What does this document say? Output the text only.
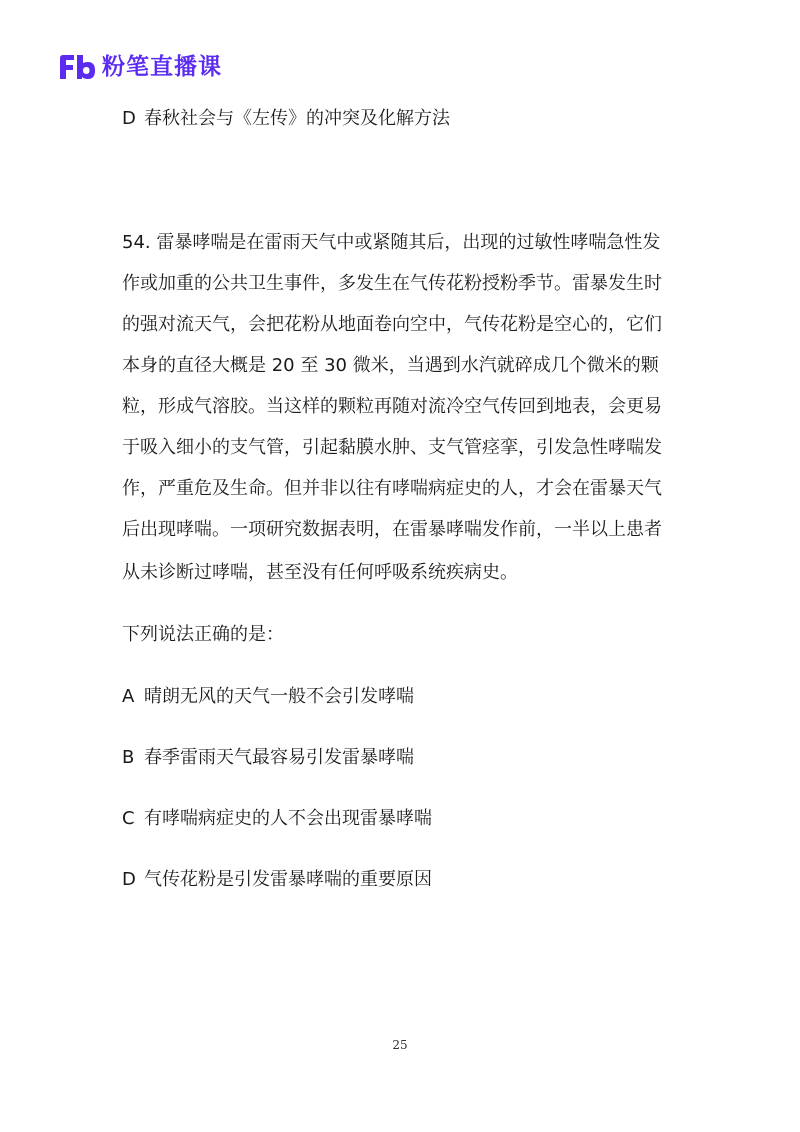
粉笔直播课
D 春秋社会与《左传》的冲突及化解方法
54. 雷暴哮喘是在雷雨天气中或紧随其后，出现的过敏性哮喘急性发
作或加重的公共卫生事件，多发生在气传花粉授粉季节。雷暴发生时
的强对流天气，会把花粉从地面卷向空中，气传花粉是空心的，它们
本身的直径大概是 20 至 30 微米，当遇到水汽就碎成几个微米的颗
粒，形成气溶胶。当这样的颗粒再随对流冷空气传回到地表，会更易
于吸入细小的支气管，引起黏膜水肿、支气管痉挛，引发急性哮喘发
作，严重危及生命。但并非以往有哮喘病症史的人，才会在雷暴天气
后出现哮喘。一项研究数据表明，在雷暴哮喘发作前，一半以上患者
从未诊断过哮喘，甚至没有任何呼吸系统疾病史。
下列说法正确的是：
A 晴朗无风的天气一般不会引发哮喘
B 春季雷雨天气最容易引发雷暴哮喘
C 有哮喘病症史的人不会出现雷暴哮喘
D 气传花粉是引发雷暴哮喘的重要原因
25
